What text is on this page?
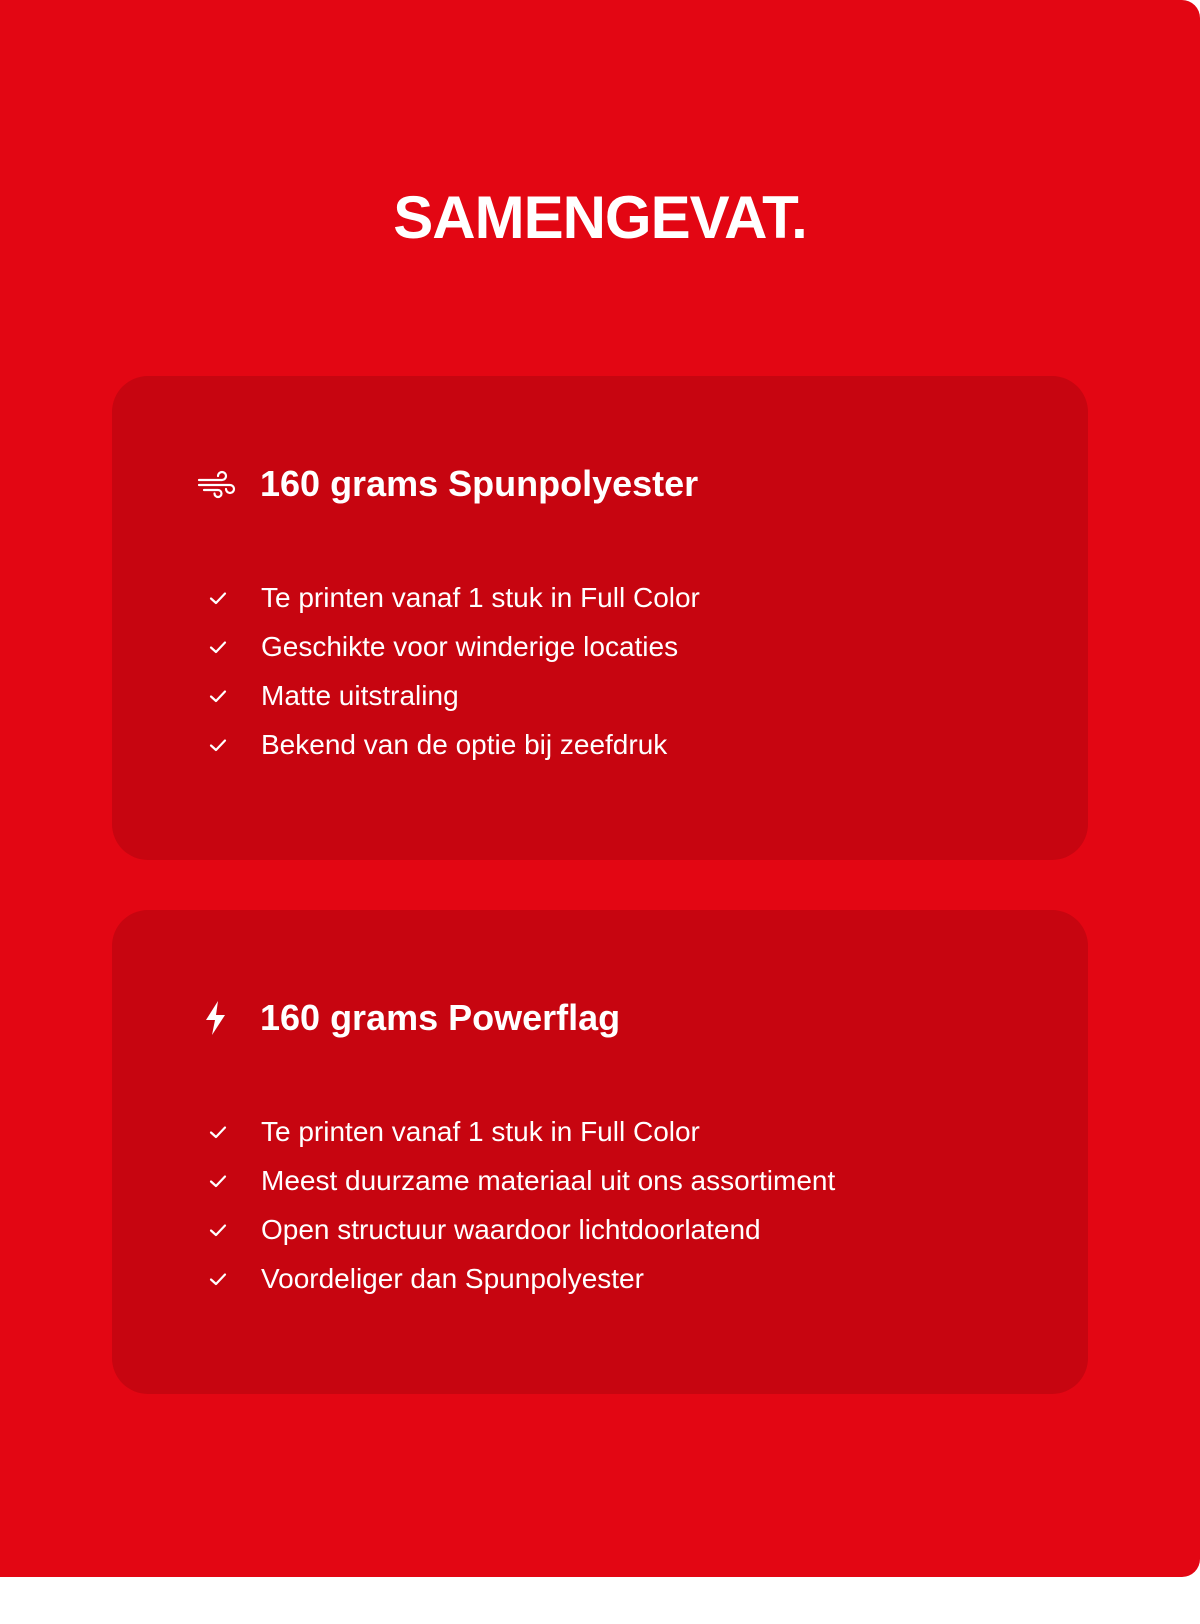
SAMENGEVAT.
160 grams Spunpolyester
Te printen vanaf 1 stuk in Full Color
Geschikte voor winderige locaties
Matte uitstraling
Bekend van de optie bij zeefdruk
160 grams Powerflag
Te printen vanaf 1 stuk in Full Color
Meest duurzame materiaal uit ons assortiment
Open structuur waardoor lichtdoorlatend
Voordeliger dan Spunpolyester
